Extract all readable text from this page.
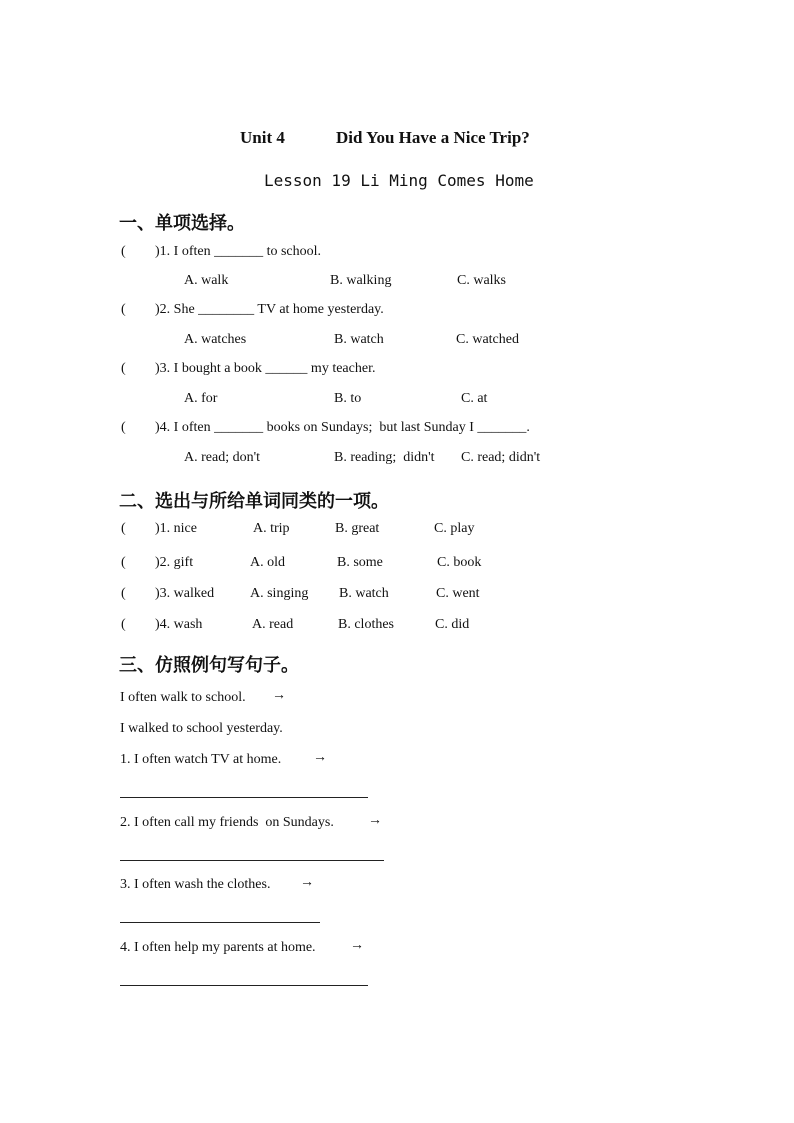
Unit 4	Did You Have a Nice Trip?
Lesson 19 Li Ming Comes Home
一、单项选择。
( )1. I often _______ to school.
A. walk	B. walking	C. walks
( )2. She ________ TV at home yesterday.
A. watches	B. watch	C. watched
( )3. I bought a book ______ my teacher.
A. for	B. to	C. at
( )4. I often _______ books on Sundays;  but last Sunday I _______.
A. read; don't	B. reading;  didn't C. read; didn't
二、选出与所给单词同类的一项。
( )1. nice	A. trip	B. great	C. play
( )2. gift	A. old	B. some	C. book
( )3. walked	A. singing B. watch	C. went
( )4. wash	A. read	B. clothes	C. did
三、仿照例句写句子。
I often walk to school. →
I walked to school yesterday.
1. I often watch TV at home. →
2. I often call my friends  on Sundays. →
3. I often wash the clothes. →
4. I often help my parents at home. →
